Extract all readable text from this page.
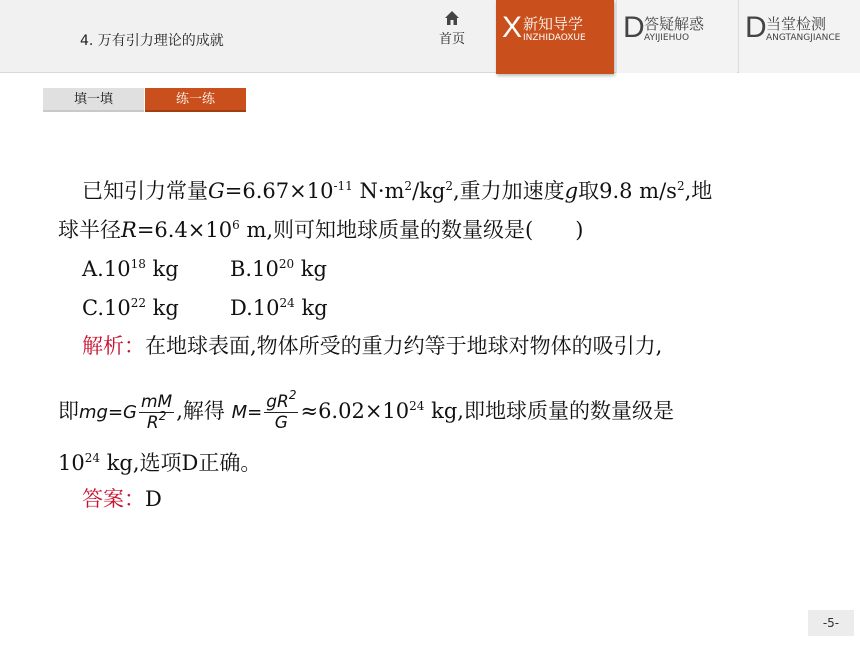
4. 万有引力理论的成就	首页	X 新知导学
INZHIDAOXUE D 答疑解惑
AYIJIEHUO D 当堂检测
ANGTANGJIANCE
填一填	练一练
已知引力常量$G=6.67\times 10^{-11}$ $N\cdot m^2/kg^2$,重力加速度g取9.8 $m/s^2$,地
球半径$R=6.4\times 10^6$ m,则可知地球质量的数量级是(　　)
$A.10^{18}$ kg $B.10^{20}$ kg
$C.10^{22}$ kg $D.10^{24}$ kg
解析：在地球表面,物体所受的重力约等于地球对物体的吸引力,
即$mg=G \frac{mM}{R^2}$ ,解得 $M= \frac{gR^2}{G} \approx 6.02\times 10^{24}$ kg,即地球质量的数量级是
$10^{24}$ kg,选项D正确。
答案：D
-5-
